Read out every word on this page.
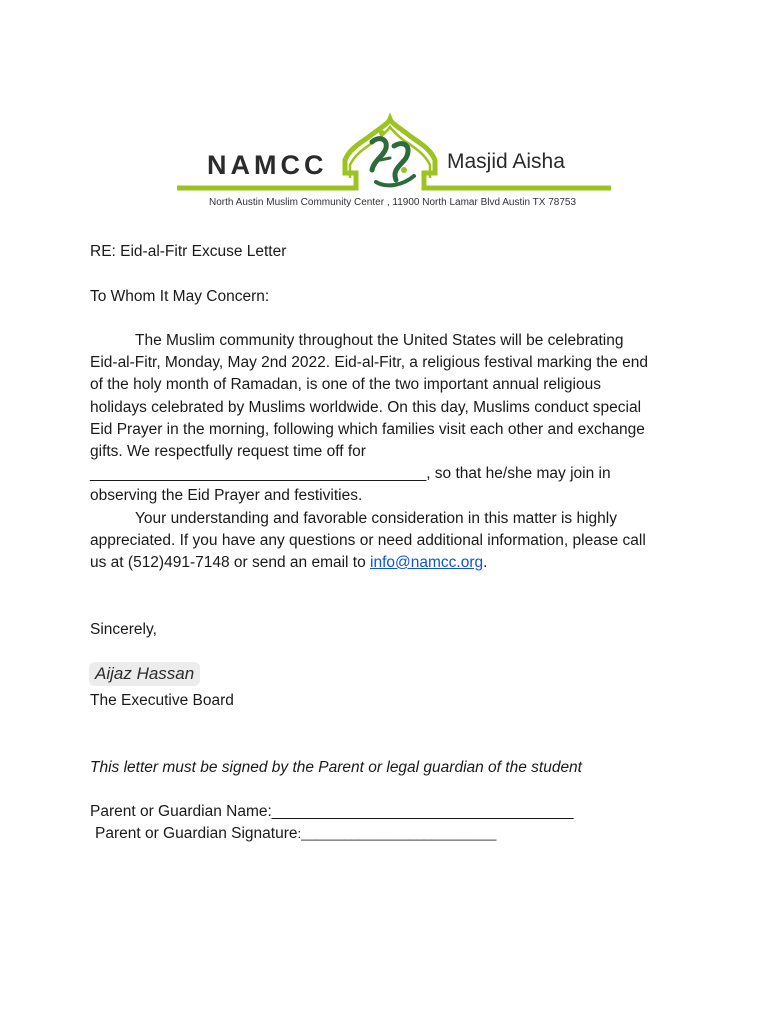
NAMCC	Masjid Aisha
North Austin Muslim Community Center , 11900 North Lamar Blvd Austin TX 78753
RE: Eid-al-Fitr Excuse Letter
To Whom It May Concern:
The Muslim community throughout the United States will be celebrating
Eid-al-Fitr, Monday, May 2nd 2022. Eid-al-Fitr, a religious festival marking the end
of the holy month of Ramadan, is one of the two important annual religious
holidays celebrated by Muslims worldwide. On this day, Muslims conduct special
Eid Prayer in the morning, following which families visit each other and exchange
gifts. We respectfully request time off for
_______________________________________, so that he/she may join in
observing the Eid Prayer and festivities.
Your understanding and favorable consideration in this matter is highly
appreciated. If you have any questions or need additional information, please call
us at (512)491-7148 or send an email to info@namcc.org.
Sincerely,
Aijaz Hassan
The Executive Board
This letter must be signed by the Parent or legal guardian of the student
Parent or Guardian Name:___________________________________
Parent or Guardian Signature:___________________________
